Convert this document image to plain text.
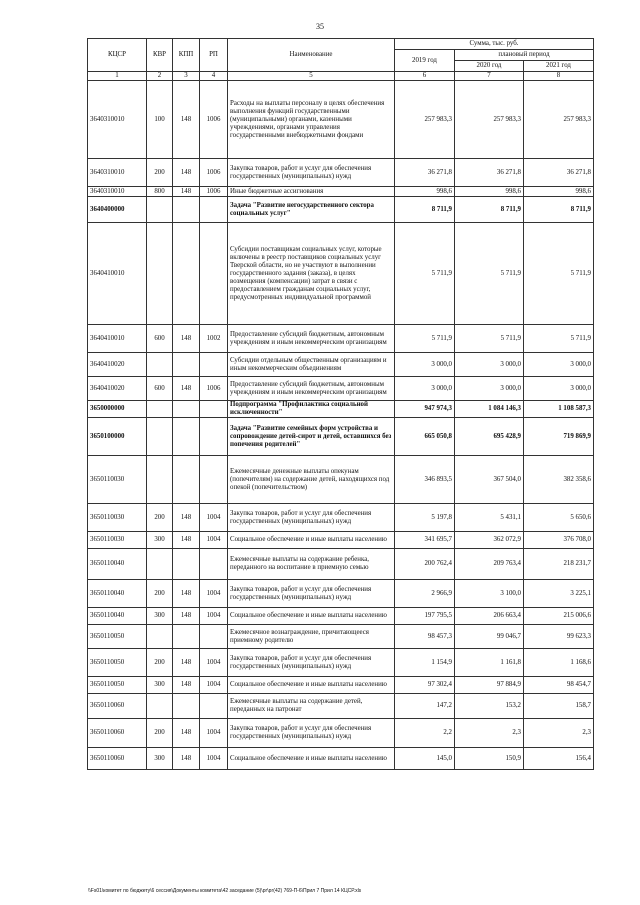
35
КЦСР	КВР	КПП	РП	Наименование	Сумма, тыс. руб.		
					2019 год	плановый период	
						2020 год	2021 год
1	2	3	4	5	6	7	8
3640310010	100	148	1006	Расходы на выплаты персоналу в целях обеспечения выполнения функций государственными (муниципальными) органами, казенными учреждениями, органами управления государственными внебюджетными фондами	257 983,3	257 983,3	257 983,3
3640310010	200	148	1006	Закупка товаров, работ и услуг для обеспечения государственных (муниципальных) нужд	36 271,8	36 271,8	36 271,8
3640310010	800	148	1006	Иные бюджетные ассигнования	998,6	998,6	998,6
3640400000				Задача "Развитие негосударственного сектора социальных услуг"	8 711,9	8 711,9	8 711,9
3640410010				Субсидии поставщикам социальных услуг, которые включены в реестр поставщиков социальных услуг Тверской области, но не участвуют в выполнении государственного задания (заказа), в целях возмещения (компенсации) затрат в связи с предоставлением гражданам социальных услуг, предусмотренных индивидуальной программой	5 711,9	5 711,9	5 711,9
3640410010	600	148	1002	Предоставление субсидий бюджетным, автономным учреждениям и иным некоммерческим организациям	5 711,9	5 711,9	5 711,9
3640410020				Субсидии отдельным общественным организациям и иным некоммерческим объединениям	3 000,0	3 000,0	3 000,0
3640410020	600	148	1006	Предоставление субсидий бюджетным, автономным учреждениям и иным некоммерческим организациям	3 000,0	3 000,0	3 000,0
3650000000				Подпрограмма "Профилактика социальной исключенности"	947 974,3	1 084 146,3	1 108 587,3
3650100000				Задача "Развитие семейных форм устройства и сопровождение детей-сирот и детей, оставшихся без попечения родителей"	665 050,8	695 428,9	719 869,9
3650110030				Ежемесячные денежные выплаты опекунам (попечителям) на содержание детей, находящихся под опекой (попечительством)	346 893,5	367 504,0	382 358,6
3650110030	200	148	1004	Закупка товаров, работ и услуг для обеспечения государственных (муниципальных) нужд	5 197,8	5 431,1	5 650,6
3650110030	300	148	1004	Социальное обеспечение и иные выплаты населению	341 695,7	362 072,9	376 708,0
3650110040				Ежемесячные выплаты на содержание ребенка, переданного на воспитание в приемную семью	200 762,4	209 763,4	218 231,7
3650110040	200	148	1004	Закупка товаров, работ и услуг для обеспечения государственных (муниципальных) нужд	2 966,9	3 100,0	3 225,1
3650110040	300	148	1004	Социальное обеспечение и иные выплаты населению	197 795,5	206 663,4	215 006,6
3650110050				Ежемесячное вознаграждение, причитающееся приемному родителю	98 457,3	99 046,7	99 623,3
3650110050	200	148	1004	Закупка товаров, работ и услуг для обеспечения государственных (муниципальных) нужд	1 154,9	1 161,8	1 168,6
3650110050	300	148	1004	Социальное обеспечение и иные выплаты населению	97 302,4	97 884,9	98 454,7
3650110060				Ежемесячные выплаты на содержание детей, переданных на патронат	147,2	153,2	158,7
3650110060	200	148	1004	Закупка товаров, работ и услуг для обеспечения государственных (муниципальных) нужд	2,2	2,3	2,3
3650110060	300	148	1004	Социальное обеспечение и иные выплаты населению	145,0	150,9	156,4
\\Fs01\комитет по бюджету\6 сессия\Документы комитета\42 заседание (5)\рг\рг(42) 769-П-6\Прил 7 Прил 14 КЦСР.xls
